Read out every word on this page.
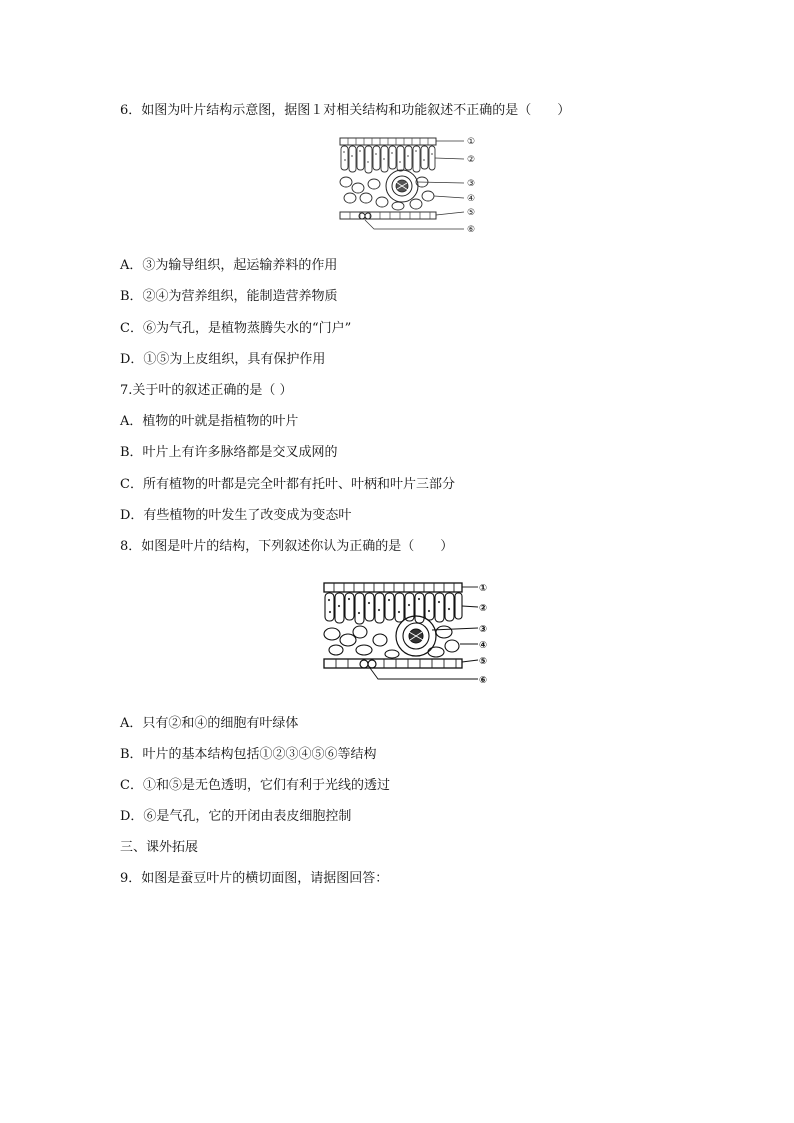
6．如图为叶片结构示意图，据图１对相关结构和功能叙述不正确的是（　　）
①
②
③
④
⑤
⑥
A．③为输导组织，起运输养料的作用
B．②④为营养组织，能制造营养物质
C．⑥为气孔，是植物蒸腾失水的“门户”
D．①⑤为上皮组织，具有保护作用
7.关于叶的叙述正确的是（ ）
A．植物的叶就是指植物的叶片
B．叶片上有许多脉络都是交叉成网的
C．所有植物的叶都是完全叶都有托叶、叶柄和叶片三部分
D．有些植物的叶发生了改变成为变态叶
8．如图是叶片的结构，下列叙述你认为正确的是（　　）
①
②
③
④
⑤
⑥
A．只有②和④的细胞有叶绿体
B．叶片的基本结构包括①②③④⑤⑥等结构
C．①和⑤是无色透明，它们有利于光线的透过
D．⑥是气孔，它的开闭由表皮细胞控制
三、课外拓展
9．如图是蚕豆叶片的横切面图，请据图回答：
